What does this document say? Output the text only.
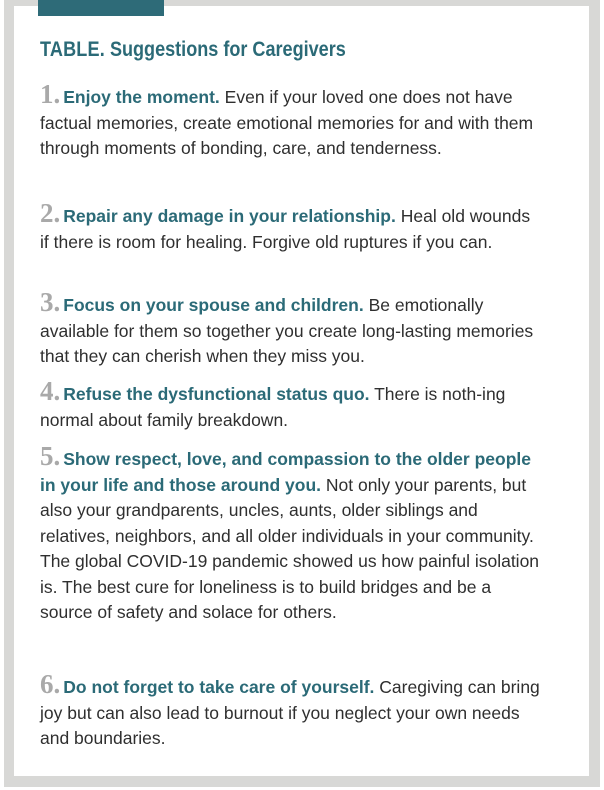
TABLE. Suggestions for Caregivers

1. Enjoy the moment. Even if your loved one does not have factual memories, create emotional memories for and with them through moments of bonding, care, and tenderness.

2. Repair any damage in your relationship. Heal old wounds if there is room for healing. Forgive old ruptures if you can.

3. Focus on your spouse and children. Be emotionally available for them so together you create long-lasting memories that they can cherish when they miss you.

4. Refuse the dysfunctional status quo. There is noth-ing normal about family breakdown.

5. Show respect, love, and compassion to the older people in your life and those around you. Not only your parents, but also your grandparents, uncles, aunts, older siblings and relatives, neighbors, and all older individuals in your community. The global COVID-19 pandemic showed us how painful isolation is. The best cure for loneliness is to build bridges and be a source of safety and solace for others.

6. Do not forget to take care of yourself. Caregiving can bring joy but can also lead to burnout if you neglect your own needs and boundaries.
